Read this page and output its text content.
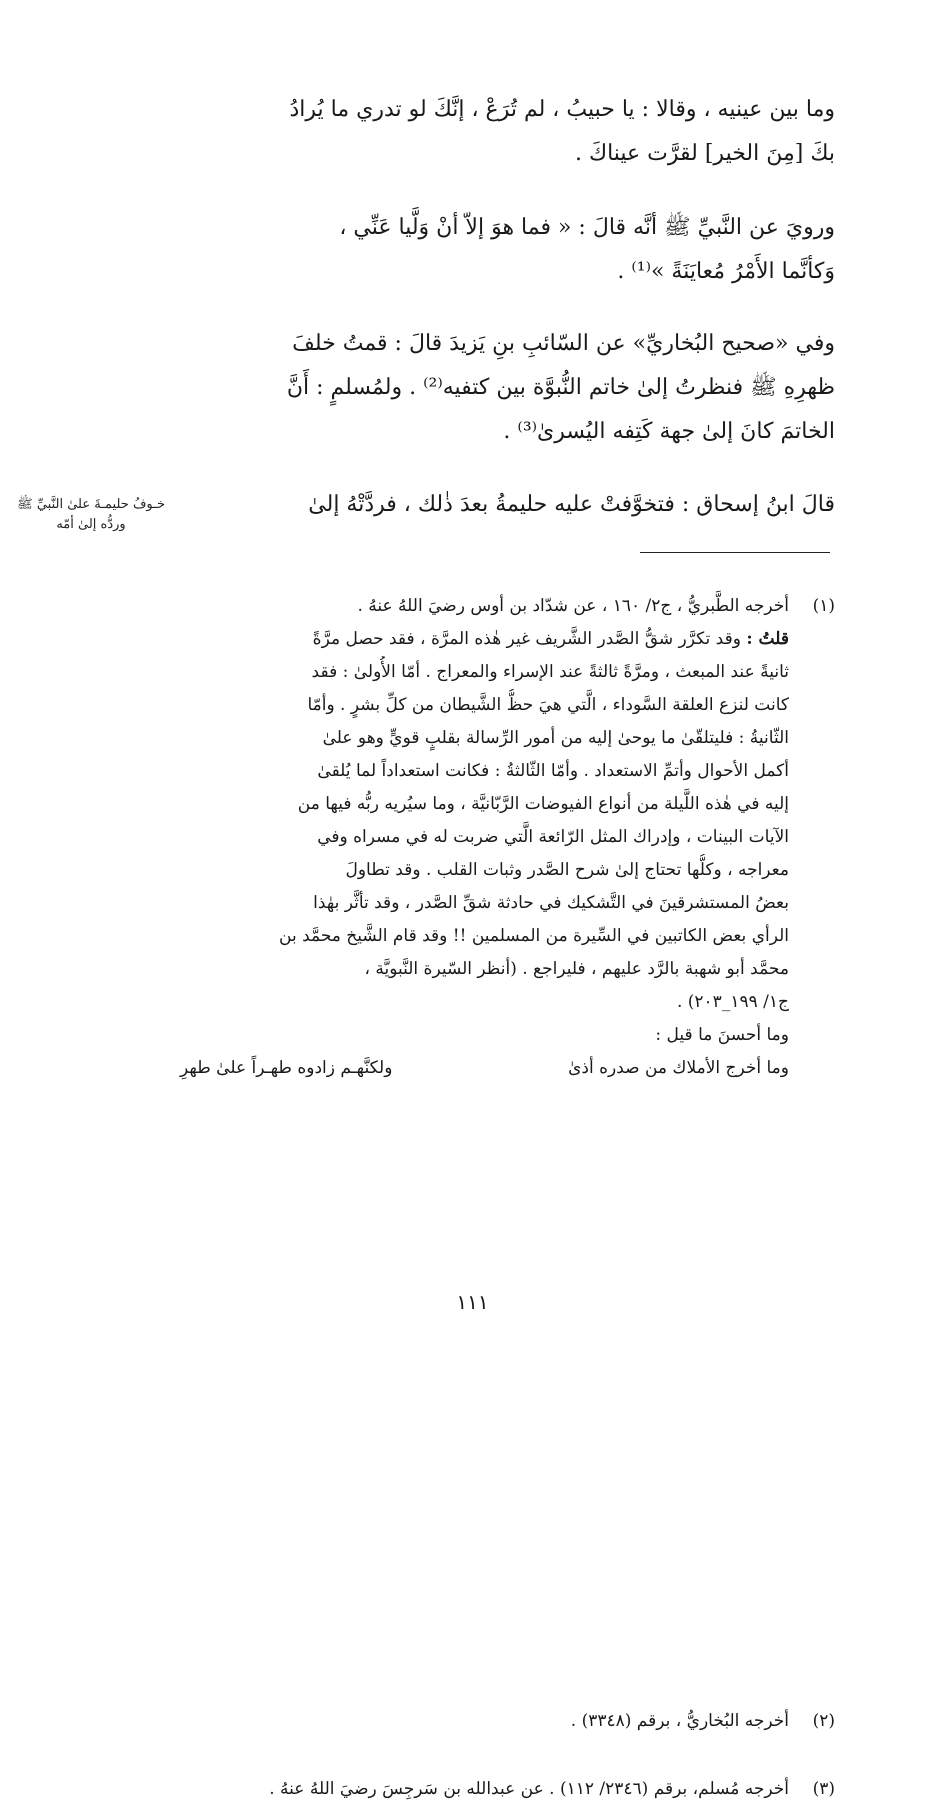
وما بين عينيه ، وقالا : يا حبيبُ ، لم تُرَعْ ، إنَّكَ لو تدري ما يُرادُ
بكَ [مِنَ الخير] لقرَّت عيناكَ .
ورويَ عن النَّبيِّ ﷺ أنَّه قالَ : « فما هوَ إلاّ أنْ وَلَّيا عَنِّي ،
وَكأنَّما الأَمْرُ مُعايَنَةً »⁽¹⁾ .
وفي «صحيح البُخاريِّ» عن السّائبِ بنِ يَزيدَ قالَ : قمتُ خلفَ
ظهرِهِ ﷺ فنظرتُ إلىٰ خاتم النُّبوَّة بين كتفيه⁽²⁾ . ولمُسلمٍ : أَنَّ
الخاتمَ كانَ إلىٰ جهة كَتِفه اليُسرىٰ⁽³⁾ .
قالَ ابنُ إسحاق : فتخوَّفتْ عليه حليمةُ بعدَ ذٰلك ، فردَّتْهُ إلىٰ
خـوفُ حليمـةَ علىٰ النَّبيِّ ﷺ وردُّه إلىٰ أمّه
(١)
أخرجه الطَّبريُّ ، ج٢/ ١٦٠ ، عن شدّاد بن أوس رضيَ اللهُ عنهُ .
قلتُ : وقد تكرَّر شقُّ الصَّدر الشَّريف غير هٰذه المرَّة ، فقد حصل مرَّةً
ثانيةً عند المبعث ، ومرَّةً ثالثةً عند الإسراء والمعراج . أمّا الأُولىٰ : فقد
كانت لنزع العلقة السَّوداء ، الَّتي هيَ حظُّ الشَّيطان من كلِّ بشرٍ . وأمّا
الثّانيةُ : فليتلقّىٰ ما يوحىٰ إليه من أمور الرِّسالة بقلبٍ قويٍّ وهو علىٰ
أكمل الأحوال وأتمِّ الاستعداد . وأمّا الثّالثةُ : فكانت استعداداً لما يُلقىٰ
إليه في هٰذه اللَّيلة من أنواع الفيوضات الرَّبّانيَّة ، وما سيُريه ربُّه فيها من
الآيات البينات ، وإدراك المثل الرّائعة الَّتي ضربت له في مسراه وفي
معراجه ، وكلُّها تحتاج إلىٰ شرح الصَّدر وثبات القلب . وقد تطاولَ
بعضُ المستشرقينَ في التَّشكيك في حادثة شقِّ الصَّدر ، وقد تأثَّر بهٰذا
الرأي بعض الكاتبين في السِّيرة من المسلمين !! وقد قام الشَّيخ محمَّد بن
محمَّد أبو شهبة بالرَّد عليهم ، فليراجع . (أنظر السّيرة النَّبويَّة ،
ج١/ ١٩٩_٢٠٣) .
وما أحسنَ ما قيل :
وما أخرج الأملاك من صدره أذىٰ
ولكنَّهـم زادوه طهـراً علىٰ طهرِ
(٢)
أخرجه البُخاريُّ ، برقم (٣٣٤٨) .
(٣)
أخرجه مُسلم، برقم (٢٣٤٦/ ١١٢) . عن عبدالله بن سَرجِسَ رضيَ اللهُ عنهُ .
١١١
